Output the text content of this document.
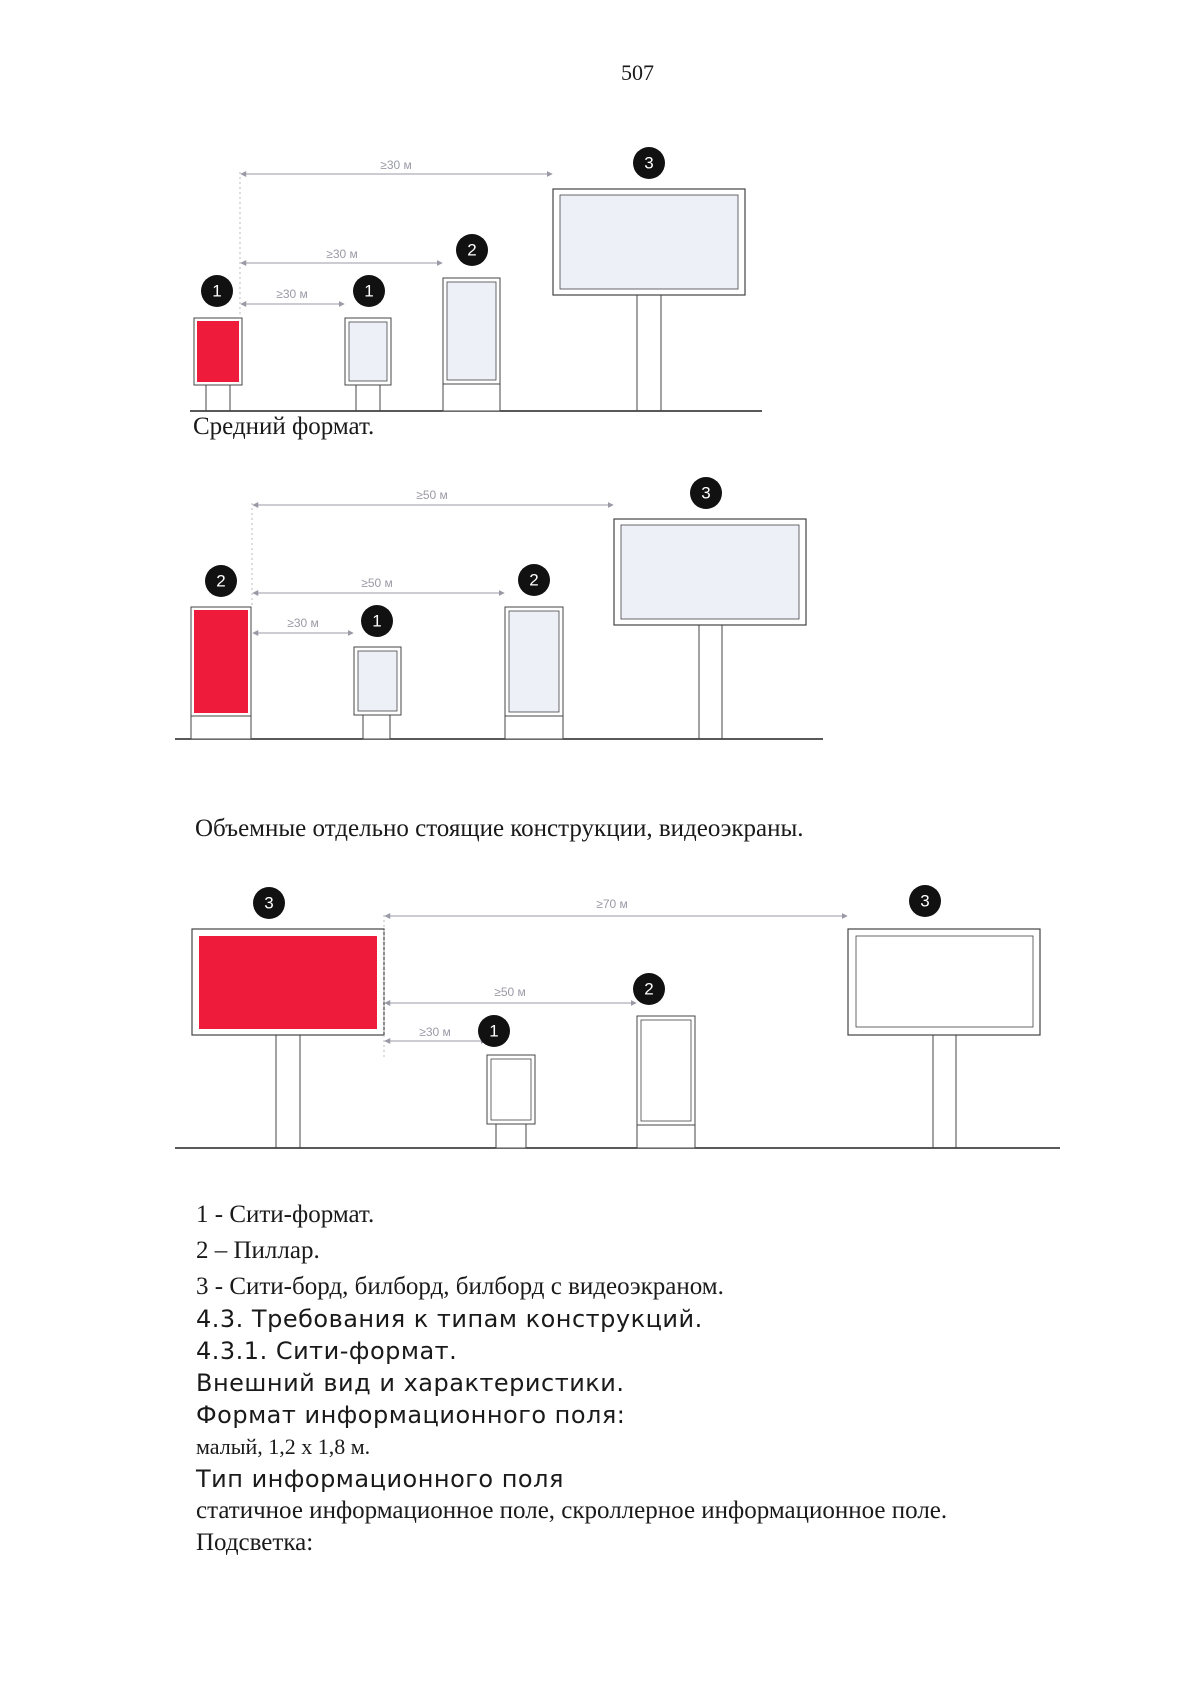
507
≥30 м
≥30 м
≥30 м
1	1
2
3
≥50 м
≥50 м
≥30 м
2
1
2
3
≥70 м
≥50 м
≥30 м
3
1
2
3
Средний формат.
Объемные отдельно стоящие конструкции, видеоэкраны.
1 - Сити-формат.
2 – Пиллар.
3 - Сити-борд, билборд, билборд с видеоэкраном.
4.3. Требования к типам конструкций.
4.3.1. Сити-формат.
Внешний вид и характеристики.
Формат информационного поля:
малый, 1,2 х 1,8 м.
Тип информационного поля
статичное информационное поле, скроллерное информационное поле.
Подсветка:
